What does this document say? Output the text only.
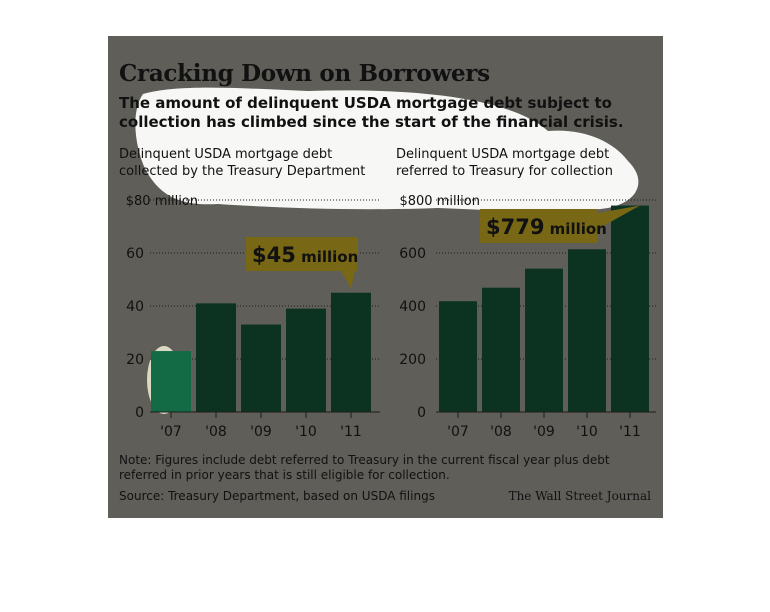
Cracking Down on Borrowers
The amount of delinquent USDA mortgage debt subject to collection has climbed since the start of the financial crisis.
Delinquent USDA mortgage debt collected by the Treasury Department
Delinquent USDA mortgage debt referred to Treasury for collection
0
20
40
60
$80 million
'07 '08 '09 '10 '11
$45 million
0
200
400
600
$800 million
'07 '08 '09 '10 '11
$779 million
Note: Figures include debt referred to Treasury in the current fiscal year plus debt referred in prior years that is still eligible for collection.
Source: Treasury Department, based on USDA filings	The Wall Street Journal
